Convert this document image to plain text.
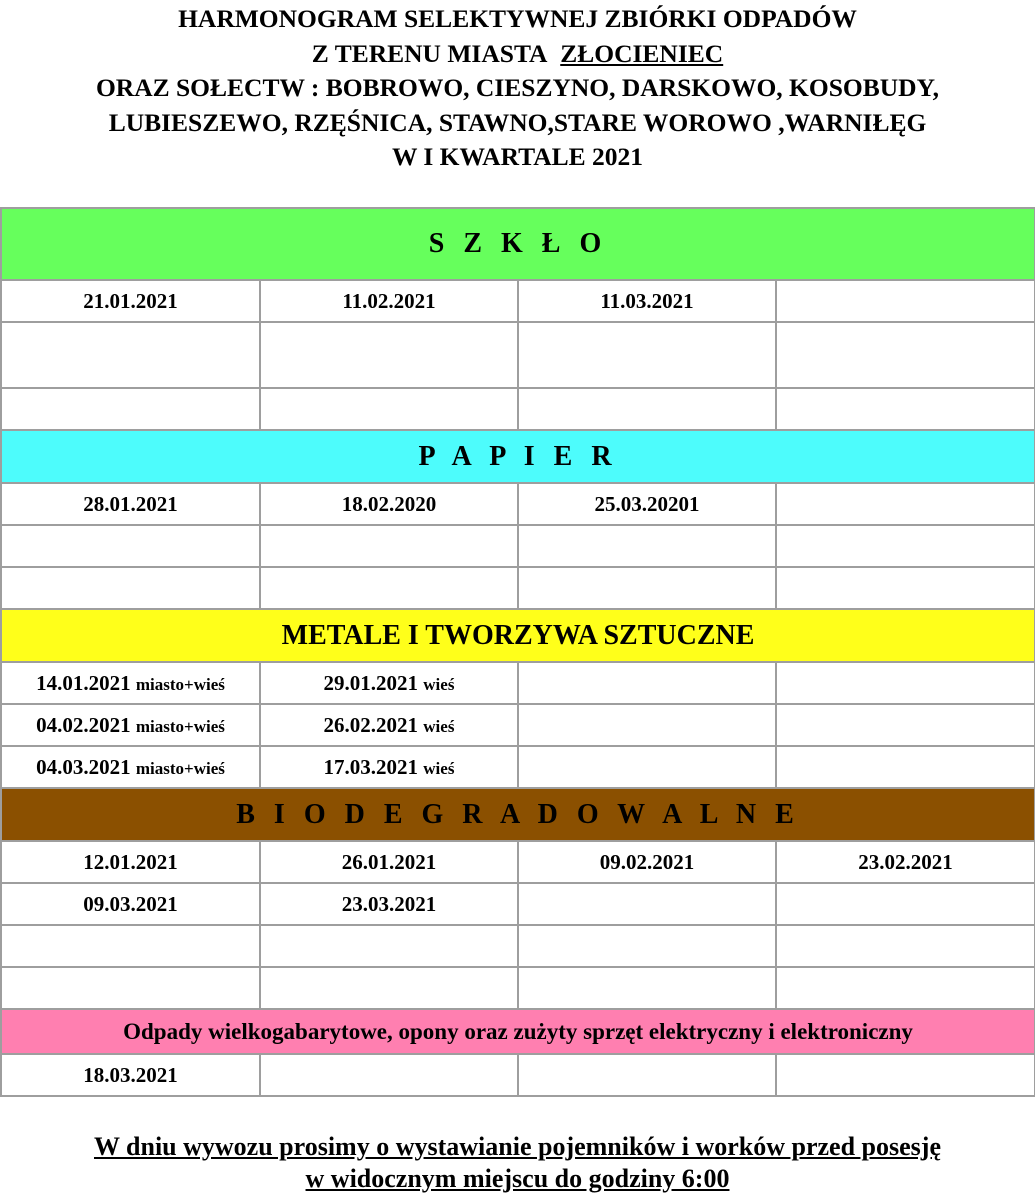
HARMONOGRAM SELEKTYWNEJ ZBIÓRKI ODPADÓW
Z TERENU MIASTA ZŁOCIENIEC
ORAZ SOŁECTW : BOBROWO, CIESZYNO, DARSKOWO, KOSOBUDY,
LUBIESZEWO, RZĘŚNICA, STAWNO,STARE WOROWO ,WARNIŁĘG
W I KWARTALE 2021
S Z K Ł O			
21.01.2021	11.02.2021	11.03.2021	

P A P I E R			
28.01.2021	18.02.2020	25.03.20201	

METALE I TWORZYWA SZTUCZNE			
14.01.2021 miasto+wieś	29.01.2021 wieś		
04.02.2021 miasto+wieś	26.02.2021 wieś		
04.03.2021 miasto+wieś	17.03.2021 wieś		
B I O D E G R A D O W A L N E			
12.01.2021	26.01.2021	09.02.2021	23.02.2021
09.03.2021	23.03.2021		

Odpady wielkogabarytowe, opony oraz zużyty sprzęt elektryczny i elektroniczny			
18.03.2021			
W dniu wywozu prosimy o wystawianie pojemników i worków przed posesję
w widocznym miejscu do godziny 6:00
